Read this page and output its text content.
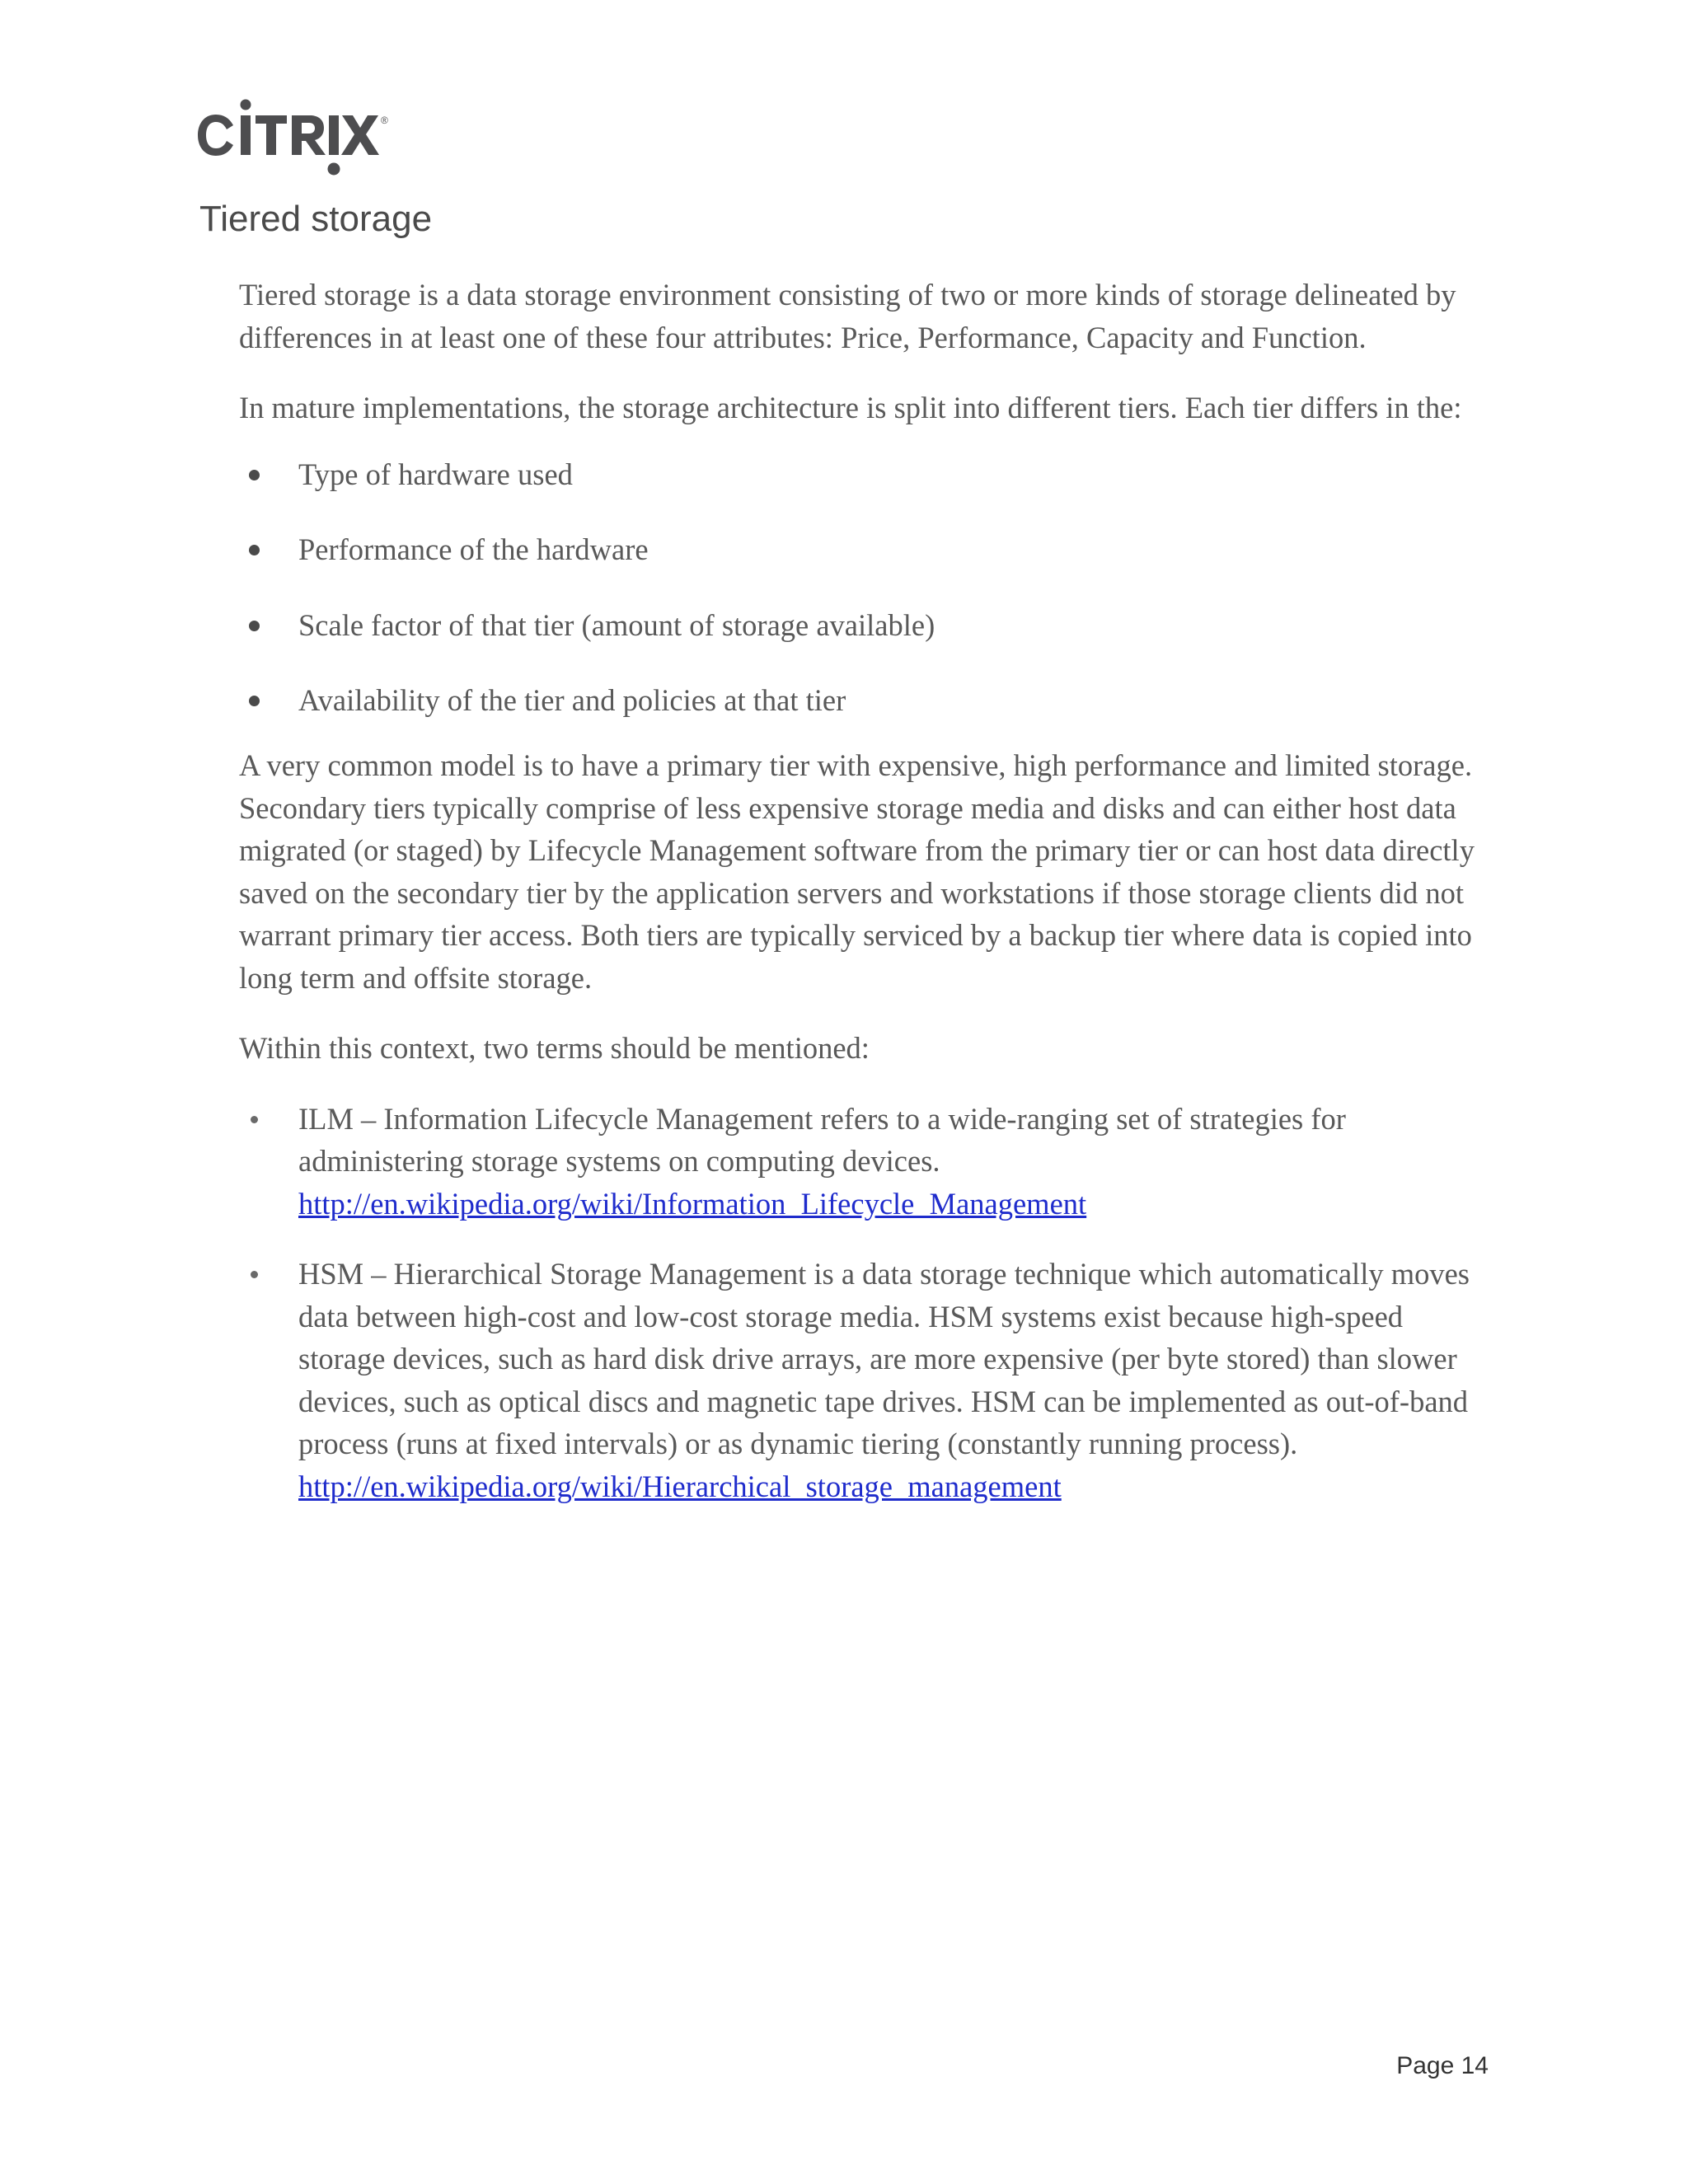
®
Tiered storage

Tiered storage is a data storage environment consisting of two or more kinds of storage delineated by differences in at least one of these four attributes: Price, Performance, Capacity and Function.

In mature implementations, the storage architecture is split into different tiers. Each tier differs in the:

Type of hardware used
Performance of the hardware
Scale factor of that tier (amount of storage available)
Availability of the tier and policies at that tier

A very common model is to have a primary tier with expensive, high performance and limited storage. Secondary tiers typically comprise of less expensive storage media and disks and can either host data migrated (or staged) by Lifecycle Management software from the primary tier or can host data directly saved on the secondary tier by the application servers and workstations if those storage clients did not warrant primary tier access. Both tiers are typically serviced by a backup tier where data is copied into long term and offsite storage.

Within this context, two terms should be mentioned:

ILM – Information Lifecycle Management refers to a wide-ranging set of strategies for administering storage systems on computing devices.
http://en.wikipedia.org/wiki/Information_Lifecycle_Management
HSM – Hierarchical Storage Management is a data storage technique which automatically moves data between high-cost and low-cost storage media. HSM systems exist because high-speed storage devices, such as hard disk drive arrays, are more expensive (per byte stored) than slower devices, such as optical discs and magnetic tape drives. HSM can be implemented as out-of-band process (runs at fixed intervals) or as dynamic tiering (constantly running process).
http://en.wikipedia.org/wiki/Hierarchical_storage_management
Page 14
